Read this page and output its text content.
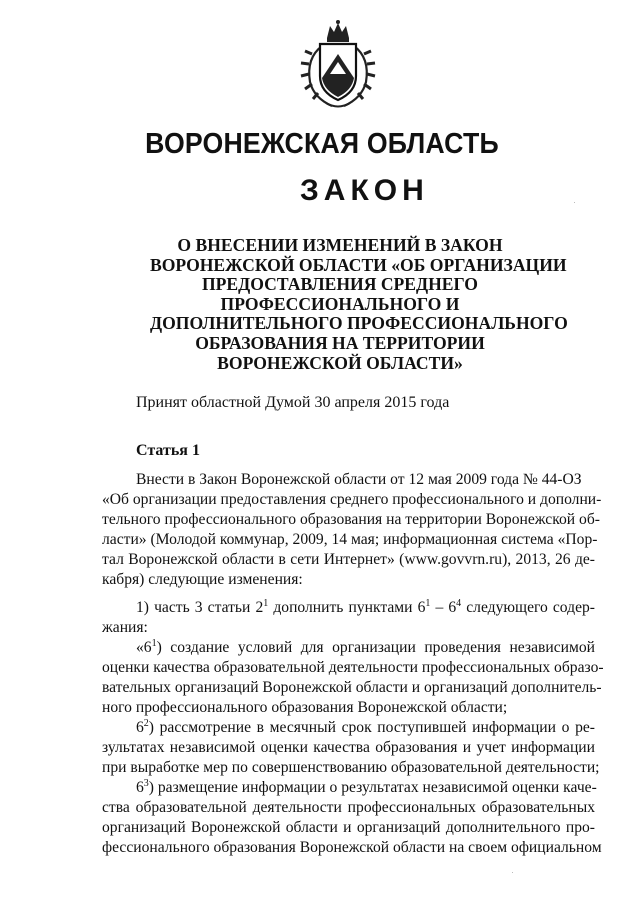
ВОРОНЕЖСКАЯ ОБЛАСТЬ
ЗАКОН
О ВНЕСЕНИИ ИЗМЕНЕНИЙ В ЗАКОН
ВОРОНЕЖСКОЙ ОБЛАСТИ «ОБ ОРГАНИЗАЦИИ
ПРЕДОСТАВЛЕНИЯ СРЕДНЕГО
ПРОФЕССИОНАЛЬНОГО И
ДОПОЛНИТЕЛЬНОГО ПРОФЕССИОНАЛЬНОГО
ОБРАЗОВАНИЯ НА ТЕРРИТОРИИ
ВОРОНЕЖСКОЙ ОБЛАСТИ»
Принят областной Думой 30 апреля 2015 года
Статья 1
Внести в Закон Воронежской области от 12 мая 2009 года № 44-ОЗ
«Об организации предоставления среднего профессионального и дополни-
тельного профессионального образования на территории Воронежской об-
ласти» (Молодой коммунар, 2009, 14 мая; информационная система «Пор-
тал Воронежской области в сети Интернет» (www.govvrn.ru), 2013, 26 де-
кабря) следующие изменения:
1) часть 3 статьи $2^1$ дополнить пунктами $6^1 - 6^4$ следующего содер-
жания:
«$6^1$) создание условий для организации проведения независимой
оценки качества образовательной деятельности профессиональных образо-
вательных организаций Воронежской области и организаций дополнитель-
ного профессионального образования Воронежской области;
$6^2$) рассмотрение в месячный срок поступившей информации о ре-
зультатах независимой оценки качества образования и учет информации
при выработке мер по совершенствованию образовательной деятельности;
$6^3$) размещение информации о результатах независимой оценки каче-
ства образовательной деятельности профессиональных образовательных
организаций Воронежской области и организаций дополнительного про-
фессионального образования Воронежской области на своем официальном
